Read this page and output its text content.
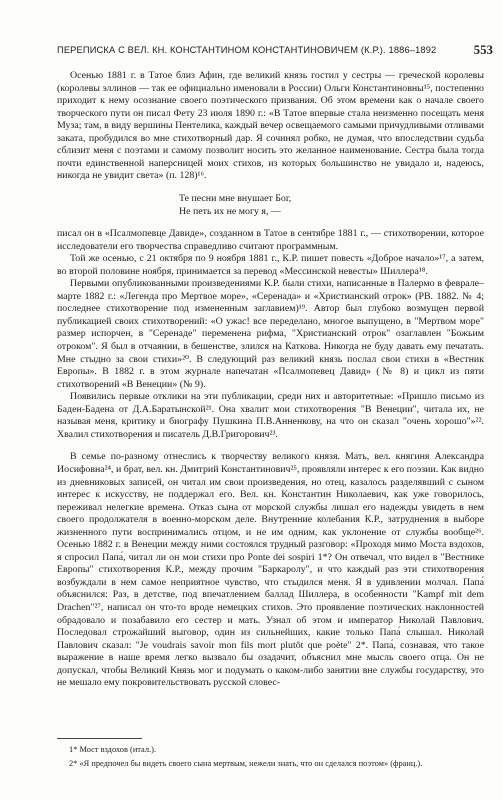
ПЕРЕПИСКА С ВЕЛ. КН. КОНСТАНТИНОМ КОНСТАНТИНОВИЧЕМ (К.Р.). 1886–1892	553

Осенью 1881 г. в Татое близ Афин, где великий князь гостил у сестры — греческой королевы (королевы эллинов — так ее официально именовали в России) Ольги Константиновны¹⁵, постепенно приходит к нему осознание своего поэтического призвания. Об этом времени как о начале своего творческого пути он писал Фету 23 июля 1890 г.: «В Татое впервые стала неизменно посещать меня Муза; там, в виду вершины Пентелика, каждый вечер освещаемого самыми причудливыми отливами заката, пробудился во мне стихотворный дар. Я сочинял робко, не думая, что впоследствии судьба сблизит меня с поэтами и самому позволит носить это желанное наименование. Сестра была тогда почти единственной наперсницей моих стихов, из которых большинство не увидало и, надеюсь, никогда не увидит света» (п. 128)¹⁶.

Те песни мне внушает Бог,
Не петь их не могу я, —

писал он в «Псалмопевце Давиде», созданном в Татое в сентябре 1881 г., — стихотворении, которое исследователи его творчества справедливо считают программным.

Той же осенью, с 21 октября по 9 ноября 1881 г., К.Р. пишет повесть «Доброе начало»¹⁷, а затем, во второй половине ноября, принимается за перевод «Мессинской невесты» Шиллера¹⁸.

Первыми опубликованными произведениями К.Р. были стихи, написанные в Палермо в феврале–марте 1882 г.: «Легенда про Мертвое море», «Серенада» и «Христианский отрок» (РВ. 1882. № 4; последнее стихотворение под измененным заглавием)¹⁹. Автор был глубоко возмущен первой публикацией своих стихотворений: «О ужас! все переделано, многое выпущено, в "Мертвом море" размер испорчен, в "Серенаде" переменена рифма, "Христианский отрок" озаглавлен "Божьим отроком". Я был в отчаянии, в бешенстве, злился на Каткова. Никогда не буду давать ему печатать. Мне стыдно за свои стихи»²⁰. В следующий раз великий князь послал свои стихи в «Вестник Европы». В 1882 г. в этом журнале напечатан «Псалмопевец Давид» (№ 8) и цикл из пяти стихотворений «В Венеции» (№ 9).

Появились первые отклики на эти публикации, среди них и авторитетные: «Пришло письмо из Баден-Бадена от Д.А.Баратынской²¹. Она хвалит мои стихотворения "В Венеции", читала их, не называя меня, критику и биографу Пушкина П.В.Анненкову, на что он сказал "очень хорошо"»²². Хвалил стихотворения и писатель Д.В.Григорович²³.

В семье по-разному отнеслись к творчеству великого князя. Мать, вел. княгиня Александра Иосифовна²⁴, и брат, вел. кн. Дмитрий Константинович²⁵, проявляли интерес к его поэзии. Как видно из дневниковых записей, он читал им свои произведения, но отец, казалось разделявший с сыном интерес к искусству, не поддержал его. Вел. кн. Константин Николаевич, как уже говорилось, переживал нелегкие времена. Отказ сына от морской службы лишал его надежды увидеть в нем своего продолжателя в военно-морском деле. Внутренние колебания К.Р., затруднения в выборе жизненного пути воспринимались отцом, и не им одним, как уклонение от службы вообще²⁶. Осенью 1882 г. в Венеции между ними состоялся трудный разговор: «Проходя мимо Моста вздохов, я спросил Папа́, читал ли он мои стихи про Ponte dei sospiri 1*? Он отвечал, что видел в "Вестнике Европы" стихотворения К.Р., между прочим "Баркаролу", и что каждый раз эти стихотворения возбуждали в нем самое неприятное чувство, что стыдился меня. Я в удивлении молчал. Папа́ объяснился: Раз, в детстве, под впечатлением баллад Шиллера, в особенности "Kampf mit dem Drachen"²⁷, написал он что-то вроде немецких стихов. Это проявление поэтических наклонностей обрадовало и позабавило его сестер и мать. Узнал об этом и император Николай Павлович. Последовал строжайший выговор, один из сильнейших, какие только Папа́ слышал. Николай Павлович сказал: "Je voudrais savoir mon fils mort plutôt que poète" 2*. Папа́, сознавая, что такое выражение в наше время легко вызвало бы озадачит, объяснил мне мысль своего отца. Он не допускал, чтобы Великий Князь мог и подумать о каком-либо занятии вне службы государству, это не мешало ему покровительствовать русской словес-

1* Мост вздохов (итал.).
2* «Я предпочел бы видеть своего сына мертвым, нежели знать, что он сделался поэтом» (франц.).
